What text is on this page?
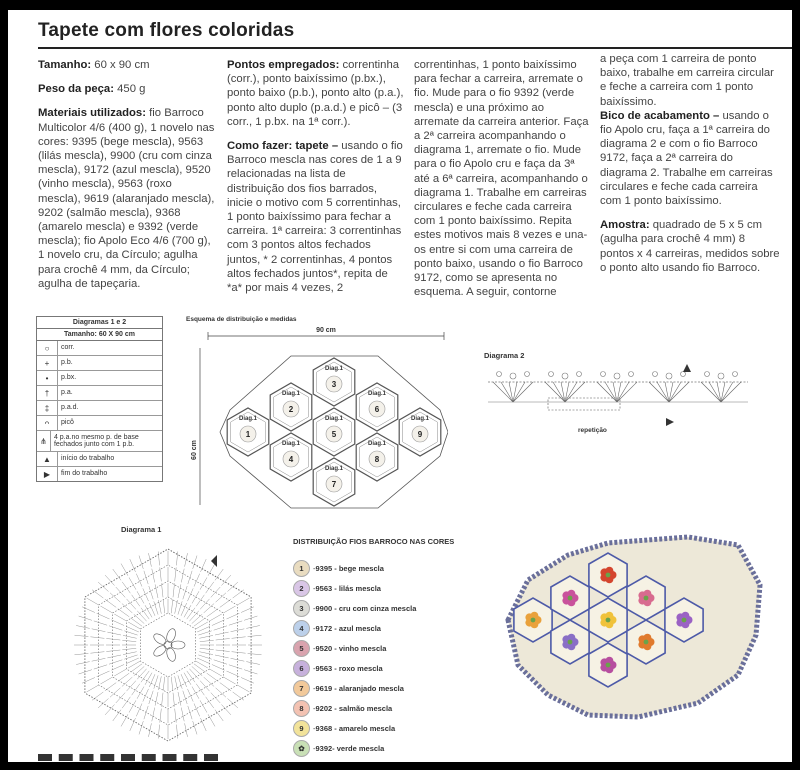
Tapete com flores coloridas

Tamanho: 60 x 90 cm

Peso da peça: 450 g

Materiais utilizados: fio Barroco Multicolor 4/6 (400 g), 1 novelo nas cores: 9395 (bege mescla), 9563 (lilás mescla), 9900 (cru com cinza mescla), 9172 (azul mescla), 9520 (vinho mescla), 9563 (roxo mescla), 9619 (alaranjado mescla), 9202 (salmão mescla), 9368 (amarelo mescla) e 9392 (verde mescla); fio Apolo Eco 4/6 (700 g), 1 novelo cru, da Círculo; agulha para crochê 4 mm, da Círculo; agulha de tapeçaria.

Pontos empregados: correntinha (corr.), ponto baixíssimo (p.bx.), ponto baixo (p.b.), ponto alto (p.a.), ponto alto duplo (p.a.d.) e picô – (3 corr., 1 p.bx. na 1ª corr.).

Como fazer: tapete – usando o fio Barroco mescla nas cores de 1 a 9 relacionadas na lista de distribuição dos fios barrados, inicie o motivo com 5 correntinhas, 1 ponto baixíssimo para fechar a carreira. 1ª carreira: 3 correntinhas com 3 pontos altos fechados juntos, * 2 correntinhas, 4 pontos altos fechados juntos*, repita de *a* por mais 4 vezes, 2

correntinhas, 1 ponto baixíssimo para fechar a carreira, arremate o fio. Mude para o fio 9392 (verde mescla) e una próximo ao arremate da carreira anterior. Faça a 2ª carreira acompanhando o diagrama 1, arremate o fio. Mude para o fio Apolo cru e faça da 3ª até a 6ª carreira, acompanhando o diagrama 1. Trabalhe em carreiras circulares e feche cada carreira com 1 ponto baixíssimo. Repita estes motivos mais 8 vezes e una-os entre si com uma carreira de ponto baixo, usando o fio Barroco 9172, como se apresenta no esquema. A seguir, contorne

a peça com 1 carreira de ponto baixo, trabalhe em carreira circular e feche a carreira com 1 ponto baixíssimo.

Bico de acabamento – usando o fio Apolo cru, faça a 1ª carreira do diagrama 2 e com o fio Barroco 9172, faça a 2ª carreira do diagrama 2. Trabalhe em carreiras circulares e feche cada carreira com 1 ponto baixíssimo.

Amostra: quadrado de 5 x 5 cm (agulha para crochê 4 mm) 8 pontos x 4 carreiras, medidos sobre o ponto alto usando fio Barroco.

Diagramas 1 e 2
Tamanho: 60 X 90 cm
○	corr.
+	p.b.
•	p.bx.
†	p.a.
‡	p.a.d.
ᴖ	picô
⋔	4 p.a.no mesmo p. de base fechados junto com 1 p.b.
▲	início do trabalho
▶	fim do trabalho
Esquema de distribuição e medidas
90 cm
60 cm
Diag.1
1
Diag.1
2
Diag.1
3
Diag.1
4
Diag.1
5
Diag.1
6
Diag.1
7
Diag.1
8
Diag.1
9
Diagrama 2
repetição
Diagrama 1
DISTRIBUIÇÃO FIOS BARROCO NAS CORES
1	- 9395 - bege mescla
2	- 9563 - lilás mescla
3	- 9900 - cru com cinza mescla
4	- 9172 - azul mescla
5	- 9520 - vinho mescla
6	- 9563 - roxo mescla
7	- 9619 - alaranjado mescla
8	- 9202 - salmão mescla
9	- 9368 - amarelo mescla
✿	- 9392- verde mescla
